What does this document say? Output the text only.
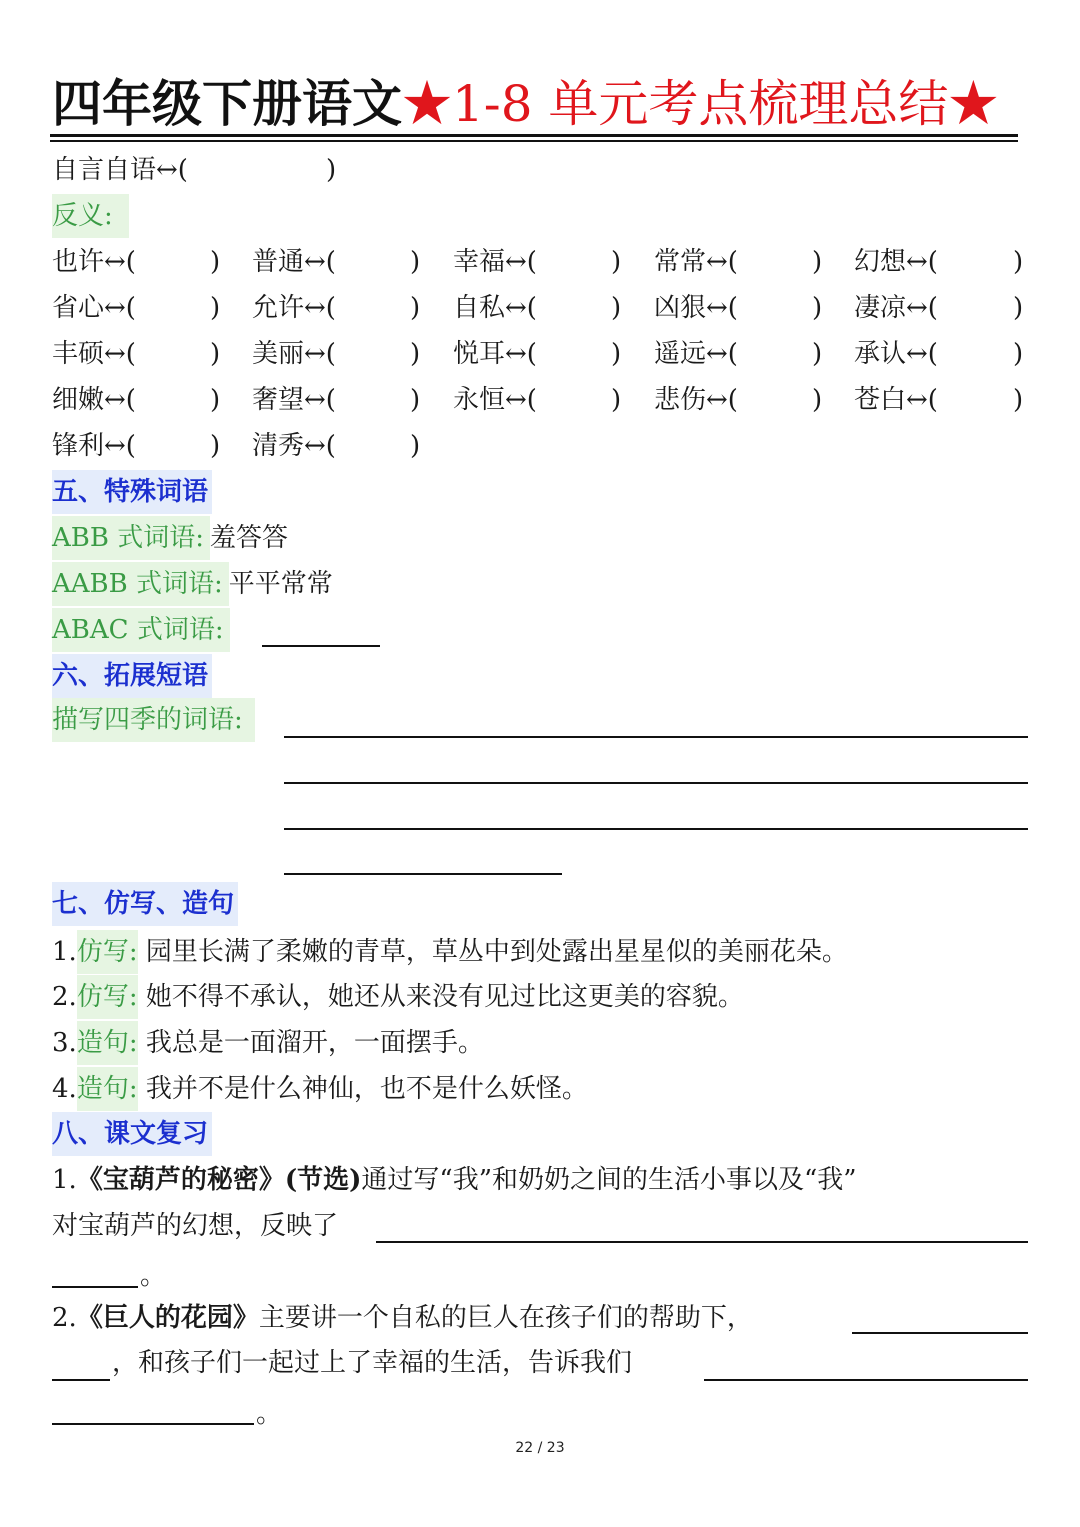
四年级下册语文★1-8 单元考点梳理总结★
自言自语↔(	)
反义:
也许↔(	) 普通↔(	) 幸福↔(	) 常常↔(	) 幻想↔(	)
省心↔(	) 允许↔(	) 自私↔(	) 凶狠↔(	) 凄凉↔(	)
丰硕↔(	) 美丽↔(	) 悦耳↔(	) 遥远↔(	) 承认↔(	)
细嫩↔(	) 奢望↔(	) 永恒↔(	) 悲伤↔(	) 苍白↔(	)
锋利↔(	) 清秀↔(	)
五、特殊词语
ABB 式词语: 羞答答
AABB 式词语: 平平常常
ABAC 式词语:
六、拓展短语
描写四季的词语:
七、仿写、造句
1.仿写: 园里长满了柔嫩的青草，草丛中到处露出星星似的美丽花朵。
2.仿写: 她不得不承认，她还从来没有见过比这更美的容貌。
3.造句: 我总是一面溜开，一面摆手。
4.造句: 我并不是什么神仙，也不是什么妖怪。
八、课文复习
1.《宝葫芦的秘密》(节选)通过写“我”和奶奶之间的生活小事以及“我”
对宝葫芦的幻想，反映了
。
2.《巨人的花园》主要讲一个自私的巨人在孩子们的帮助下，
，和孩子们一起过上了幸福的生活，告诉我们
。
22 / 23
